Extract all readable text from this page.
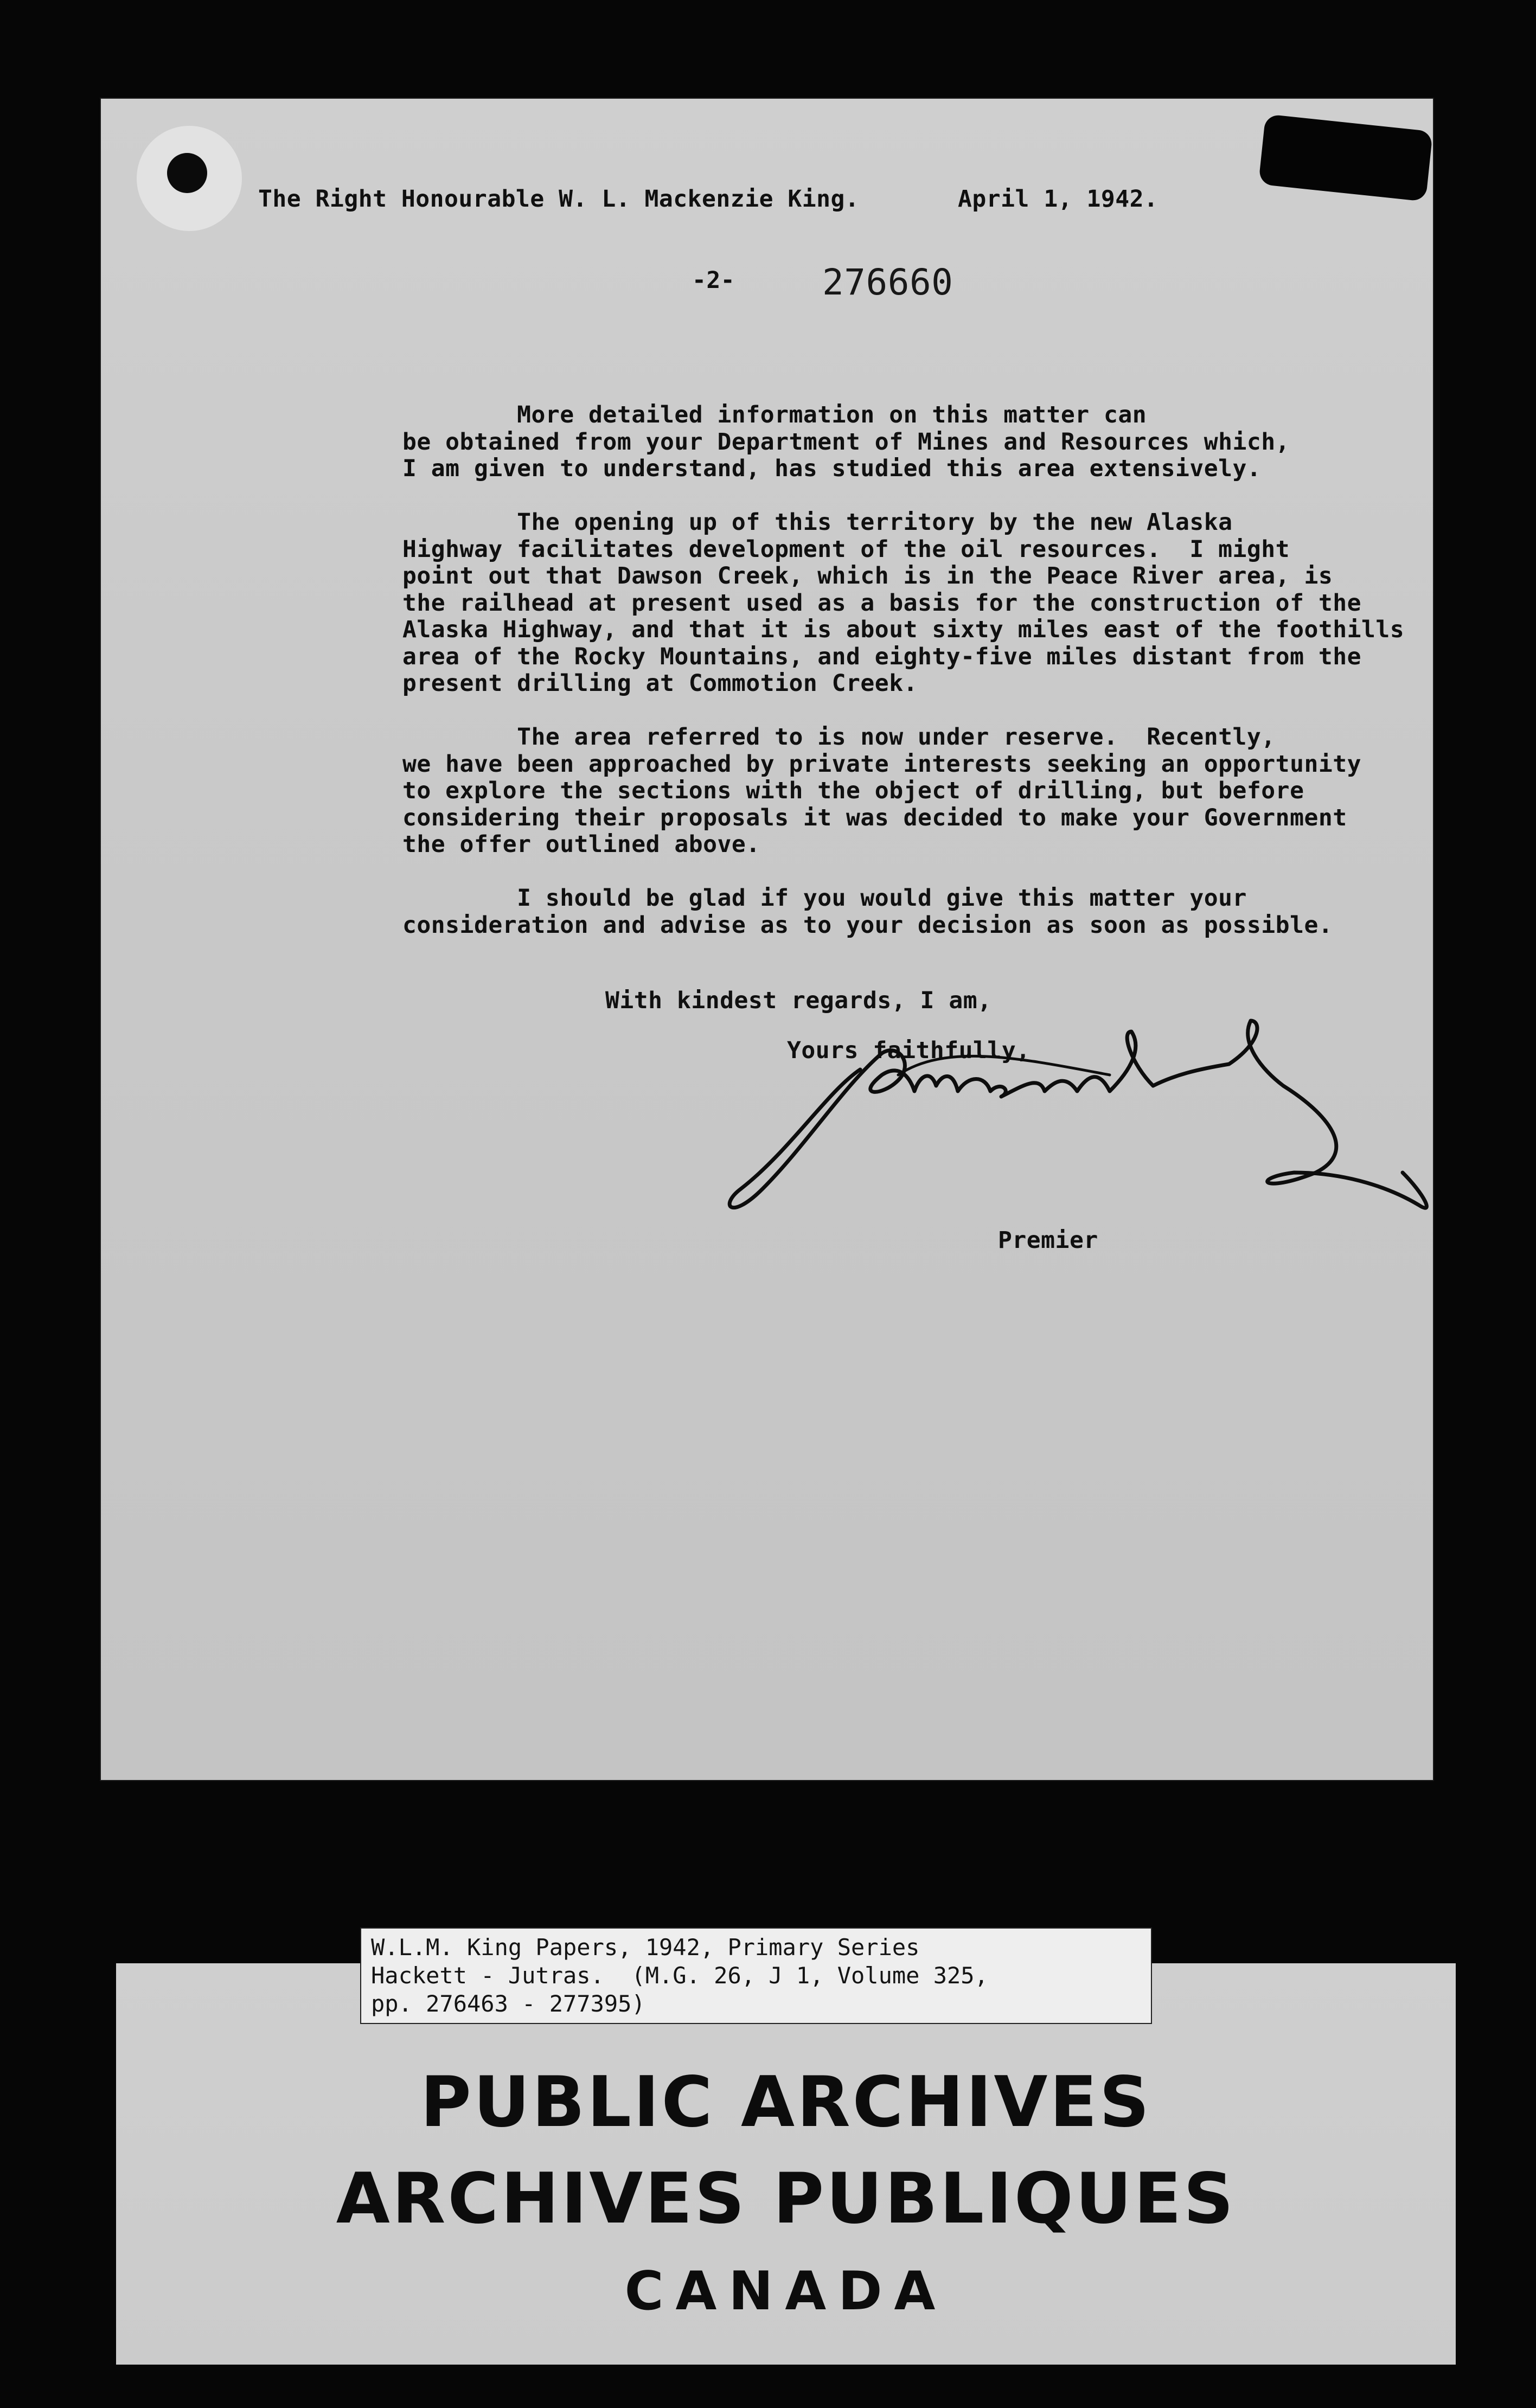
The Right Honourable W. L. Mackenzie King.	April 1, 1942.
-2- 276660
More detailed information on this matter can
be obtained from your Department of Mines and Resources which,
I am given to understand, has studied this area extensively.
The opening up of this territory by the new Alaska
Highway facilitates development of the oil resources.  I might
point out that Dawson Creek, which is in the Peace River area, is
the railhead at present used as a basis for the construction of the
Alaska Highway, and that it is about sixty miles east of the foothills
area of the Rocky Mountains, and eighty-five miles distant from the
present drilling at Commotion Creek.
The area referred to is now under reserve.  Recently,
we have been approached by private interests seeking an opportunity
to explore the sections with the object of drilling, but before
considering their proposals it was decided to make your Government
the offer outlined above.
I should be glad if you would give this matter your
consideration and advise as to your decision as soon as possible.
With kindest regards, I am,
Yours faithfully,
Premier
PUBLIC ARCHIVES
ARCHIVES PUBLIQUES
CANADA
W.L.M. King Papers, 1942, Primary Series
Hackett - Jutras.  (M.G. 26, J 1, Volume 325,
pp. 276463 - 277395)
